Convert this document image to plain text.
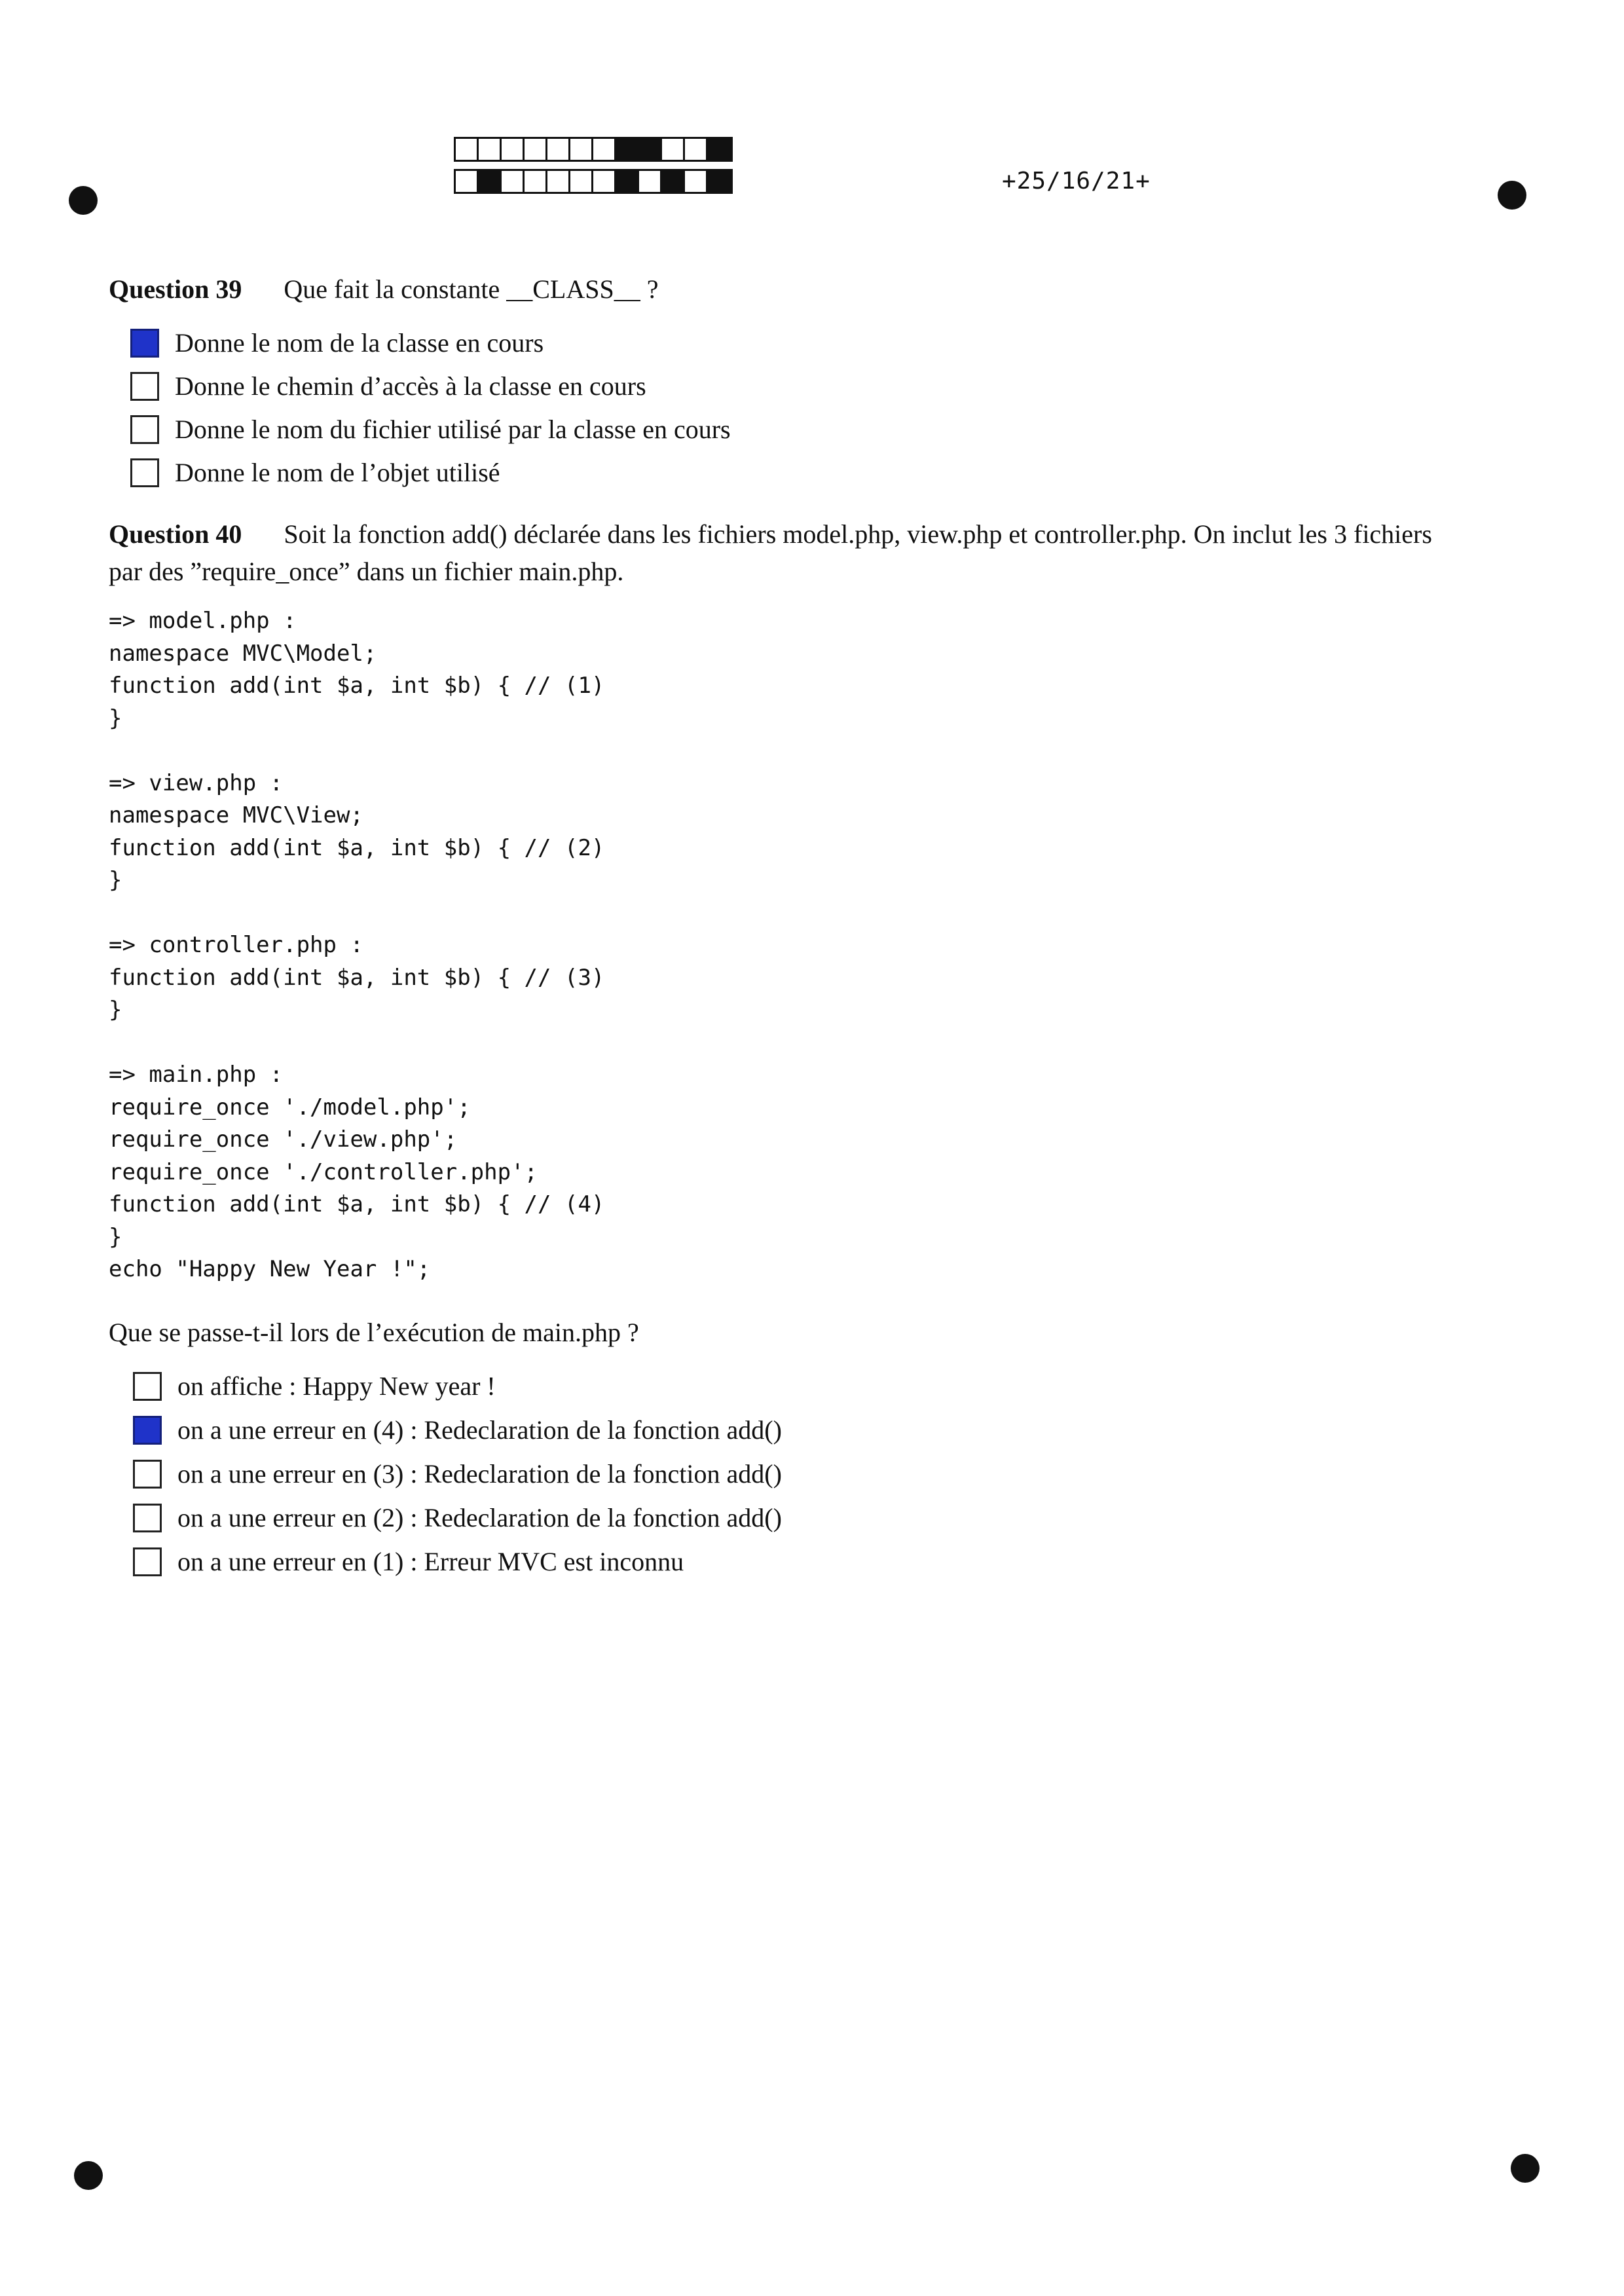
+25/16/21+
Question 39 Que fait la constante __CLASS__ ?
Donne le nom de la classe en cours
Donne le chemin d’accès à la classe en cours
Donne le nom du fichier utilisé par la classe en cours
Donne le nom de l’objet utilisé
Question 40 Soit la fonction add() déclarée dans les fichiers model.php, view.php et controller.php. On inclut les 3 fichiers
par des ”require_once” dans un fichier main.php.
=> model.php :
namespace MVC\Model;
function add(int $a, int $b) { // (1)
}

=> view.php :
namespace MVC\View;
function add(int $a, int $b) { // (2)
}

=> controller.php :
function add(int $a, int $b) { // (3)
}

=> main.php :
require_once './model.php';
require_once './view.php';
require_once './controller.php';
function add(int $a, int $b) { // (4)
}
echo "Happy New Year !";
Que se passe-t-il lors de l’exécution de main.php ?
on affiche : Happy New year !
on a une erreur en (4) : Redeclaration de la fonction add()
on a une erreur en (3) : Redeclaration de la fonction add()
on a une erreur en (2) : Redeclaration de la fonction add()
on a une erreur en (1) : Erreur MVC est inconnu
